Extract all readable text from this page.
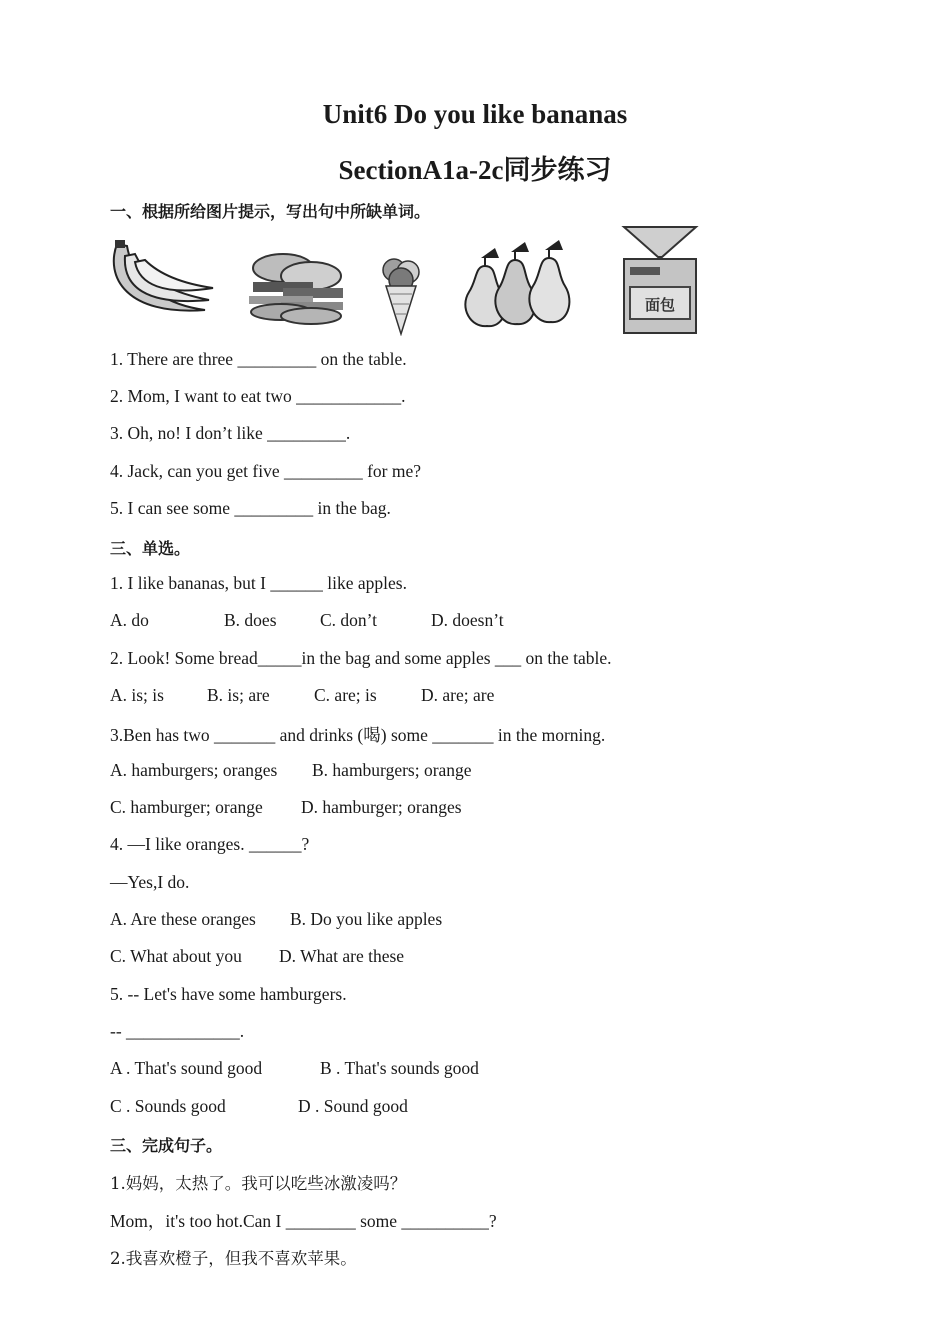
Unit6 Do you like bananas
SectionA1a-2c同步练习
一、根据所给图片提示，写出句中所缺单词。
面包
1. There are three _________ on the table.
2. Mom, I want to eat two ____________.
3. Oh, no! I don’t like _________.
4. Jack, can you get five _________ for me?
5. I can see some _________ in the bag.
三、单选。
1. I like bananas, but I ______ like apples.
A. do	B. does C. don’t	D. doesn’t
2. Look! Some bread_____in the bag and some apples ___ on the table.
A. is; is B. is; are	C. are; is	D. are; are
3.Ben has two _______ and drinks (喝) some _______ in the morning.
A. hamburgers; oranges B. hamburgers; orange
C. hamburger; orange D. hamburger; oranges
4. —I like oranges. ______?
—Yes,I do.
A. Are these oranges B. Do you like apples
C. What about you D. What are these
5. -- Let's have some hamburgers.
-- _____________.
A . That's sound good	B . That's sounds good
C . Sounds good	D . Sound good
三、完成句子。
1.妈妈，太热了。我可以吃些冰激凌吗？
Mom，it's too hot.Can I ________ some __________?
2.我喜欢橙子，但我不喜欢苹果。
